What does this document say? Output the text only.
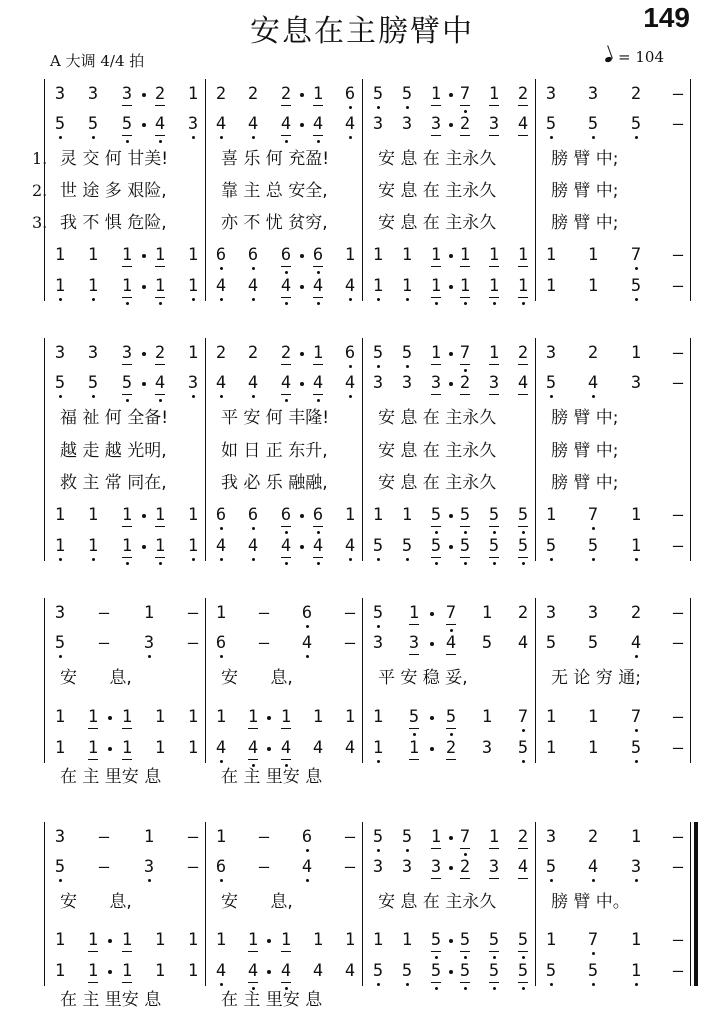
安息在主膀臂中	149
A 大调 4/4 拍	= 104
3 3 3 2 1 2 2 2 1 6 5 5 1 7 1 2 3 3 2 –
5 5 5 4 3 4 4 4 4 4 3 3 3 2 3 4 5 5 5 –
1. 灵 交 何 甘美!	喜 乐 何 充盈!	安 息 在 主永久	膀 臂 中;
2. 世 途 多 艰险,	靠 主 总 安全,	安 息 在 主永久	膀 臂 中;
3. 我 不 惧 危险,	亦 不 忧 贫穷,	安 息 在 主永久	膀 臂 中;
1 1 1 1 1 6 6 6 6 1 1 1 1 1 1 1 1 1 7 –
1 1 1 1 1 4 4 4 4 4 1 1 1 1 1 1 1 1 5 –
3 3 3 2 1 2 2 2 1 6 5 5 1 7 1 2 3 2 1 –
5 5 5 4 3 4 4 4 4 4 3 3 3 2 3 4 5 4 3 –
福 祉 何 全备!	平 安 何 丰隆!	安 息 在 主永久	膀 臂 中;
越 走 越 光明,	如 日 正 东升,	安 息 在 主永久	膀 臂 中;
救 主 常 同在,	我 必 乐 融融,	安 息 在 主永久	膀 臂 中;
1 1 1 1 1 6 6 6 6 1 1 1 5 5 5 5 1 7 1 –
1 1 1 1 1 4 4 4 4 4 5 5 5 5 5 5 5 5 1 –
3 – 1 – 1 – 6 – 5 1 7 1 2 3 3 2 –
5 – 3 – 6 – 4 – 3 3 4 5 4 5 5 4 –
安      息,	安      息,	平 安 稳 妥,	无 论 穷 通;
1 1 1 1 1 1 1 1 1 1 1 5 5 1 7 1 1 7 –
1 1 1 1 1 4 4 4 4 4 1 1 2 3 5 1 1 5 –
在 主 里安 息	在 主 里安 息
3 – 1 – 1 – 6 – 5 5 1 7 1 2 3 2 1 –
5 – 3 – 6 – 4 – 3 3 3 2 3 4 5 4 3 –
安      息,	安      息,	安 息 在 主永久	膀 臂 中。
1 1 1 1 1 1 1 1 1 1 1 1 5 5 5 5 1 7 1 –
1 1 1 1 1 4 4 4 4 4 5 5 5 5 5 5 5 5 1 –
在 主 里安 息	在 主 里安 息
